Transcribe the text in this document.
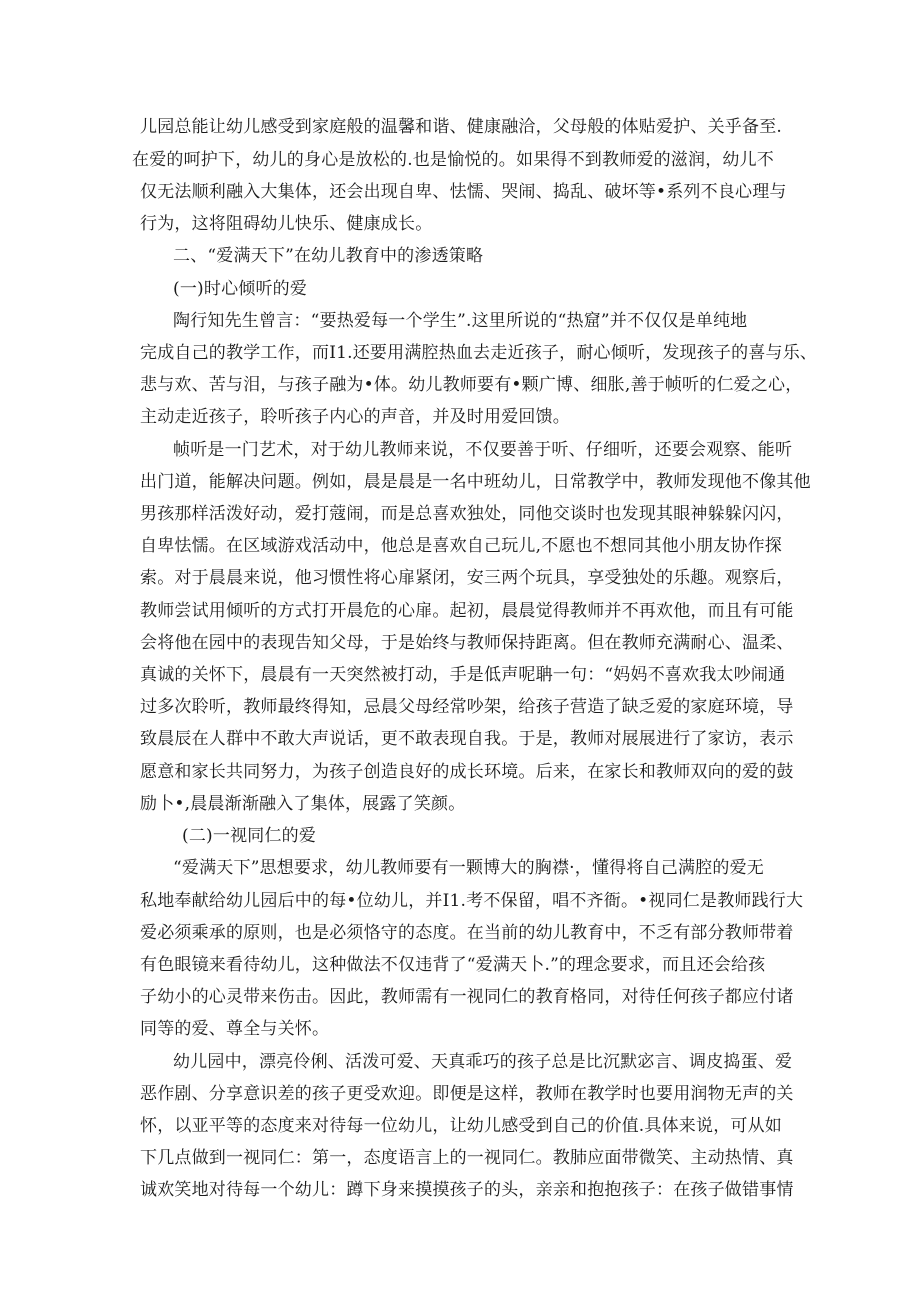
儿园总能让幼儿感受到家庭般的温馨和谐、健康融洽，父母般的体贴爱护、关乎备至.
在爱的呵护下，幼儿的身心是放松的.也是愉悦的。如果得不到教师爱的滋润，幼儿不
仅无法顺利融入大集体，还会出现自卑、怯懦、哭闹、捣乱、破坏等•系列不良心理与
行为，这将阻碍幼儿快乐、健康成长。
二、“爱满天下”在幼儿教育中的渗透策略
(一)时心倾听的爱
陶行知先生曾言：“要热爱每一个学生”.这里所说的“热窟”并不仅仅是单纯地
完成自己的教学工作，而I1.还要用满腔热血去走近孩子，耐心倾听，发现孩子的喜与乐、
悲与欢、苦与泪，与孩子融为•体。幼儿教师要有•颗广博、细胀,善于帧听的仁爱之心，
主动走近孩子，聆听孩子内心的声音，并及时用爱回馈。
帧听是一门艺术，对于幼儿教师来说，不仅要善于听、仔细听，还要会观察、能听
出门道，能解决问题。例如，晨是晨是一名中班幼儿，日常教学中，教师发现他不像其他
男孩那样活泼好动，爱打蔻闹，而是总喜欢独处，同他交谈时也发现其眼神躲躲闪闪，
自卑怯懦。在区域游戏活动中，他总是喜欢自己玩儿,不愿也不想同其他小朋友协作探
索。对于晨晨来说，他习惯性将心扉紧闭，安三两个玩具，享受独处的乐趣。观察后，
教师尝试用倾听的方式打开晨危的心扉。起初，晨晨觉得教师并不再欢他，而且有可能
会将他在园中的表现告知父母，于是始终与教师保持距离。但在教师充满耐心、温柔、
真诚的关怀下，晨晨有一天突然被打动，手是低声呢聃一句：“妈妈不喜欢我太吵闹通
过多次聆听，教师最终得知，忌晨父母经常吵架，给孩子营造了缺乏爱的家庭环境，导
致晨辰在人群中不敢大声说话，更不敢表现自我。于是，教师对展展进行了家访，表示
愿意和家长共同努力，为孩子创造良好的成长环境。后来，在家长和教师双向的爱的鼓
励卜•,晨晨渐渐融入了集体，展露了笑颜。
(二)一视同仁的爱
“爱满天下”思想要求，幼儿教师要有一颗博大的胸襟·，懂得将自己满腔的爱无
私地奉献给幼儿园后中的每•位幼儿，并I1.考不保留，唱不齐衙。•视同仁是教师践行大
爱必须乘承的原则，也是必须恪守的态度。在当前的幼儿教育中，不乏有部分教师带着
有色眼镜来看待幼儿，这种做法不仅违背了“爱满天卜.”的理念要求，而且还会给孩
子幼小的心灵带来伤击。因此，教师需有一视同仁的教育格同，对待任何孩子都应付诸
同等的爱、尊全与关怀。
幼儿园中，漂亮伶俐、活泼可爱、天真乖巧的孩子总是比沉默宓言、调皮捣蛋、爱
恶作剧、分享意识差的孩子更受欢迎。即便是这样，教师在教学时也要用润物无声的关
怀，以亚平等的态度来对待每一位幼儿，让幼儿感受到自己的价值.具体来说，可从如
下几点做到一视同仁：第一，态度语言上的一视同仁。教肺应面带微笑、主动热情、真
诚欢笑地对待每一个幼儿：蹲下身来摸摸孩子的头，亲亲和抱抱孩子：在孩子做错事情
